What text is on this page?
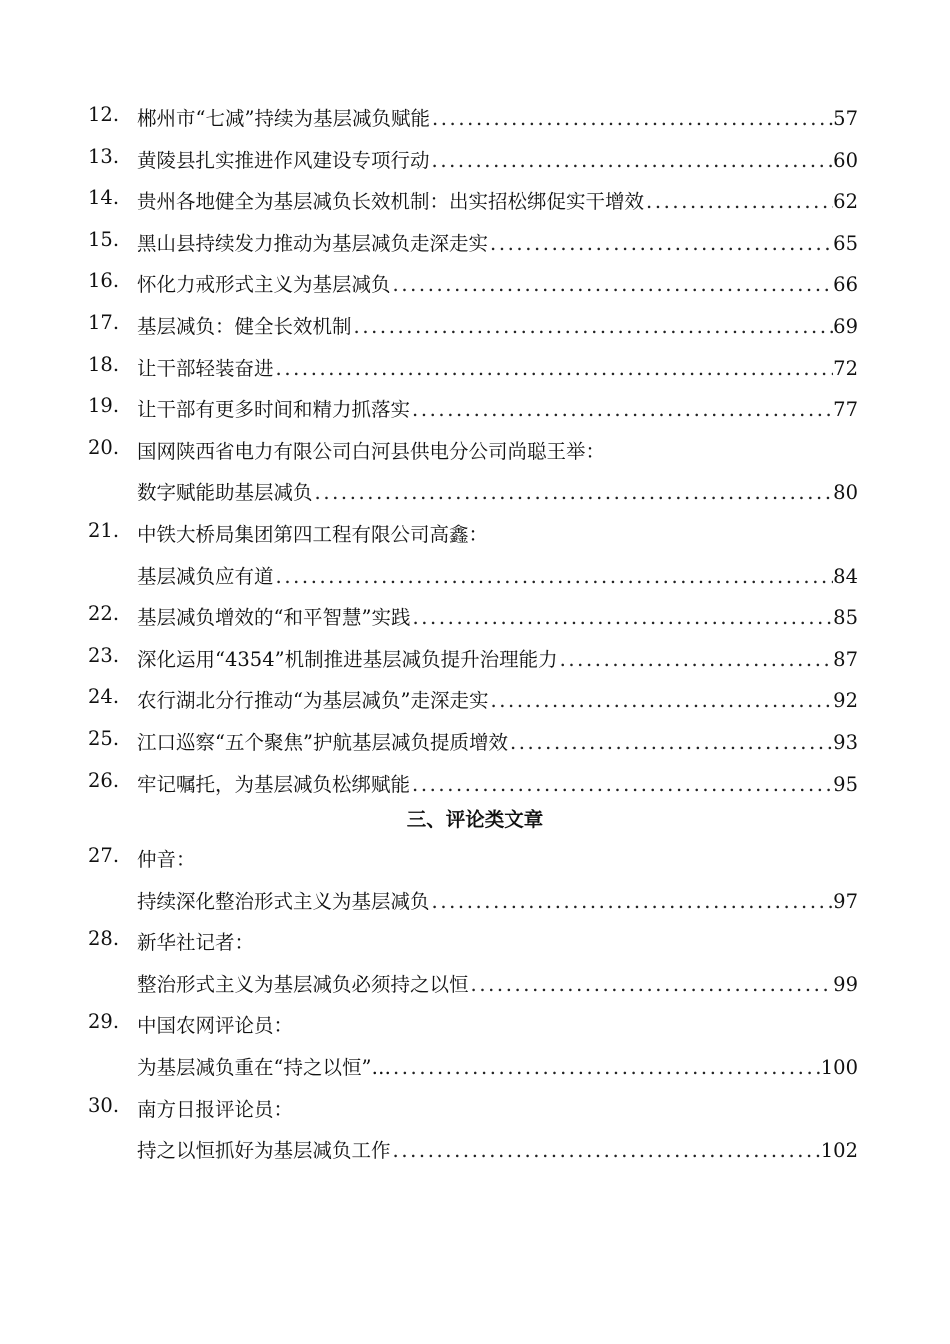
12. 郴州市“七减”持续为基层减负赋能 .....	57
13. 黄陵县扎实推进作风建设专项行动 .....	60
14. 贵州各地健全为基层减负长效机制：出实招松绑促实干增效 .....	62
15. 黑山县持续发力推动为基层减负走深走实 .....	65
16. 怀化力戒形式主义为基层减负 .....	66
17. 基层减负：健全长效机制 .....	69
18. 让干部轻装奋进 .....	72
19. 让干部有更多时间和精力抓落实 .....	77
20. 国网陕西省电力有限公司白河县供电分公司尚聪王举：
数字赋能助基层减负 .....	80
21. 中铁大桥局集团第四工程有限公司高鑫：
基层减负应有道 .....	84
22. 基层减负增效的“和平智慧”实践 .....	85
23. 深化运用“4354”机制推进基层减负提升治理能力 .....	87
24. 农行湖北分行推动“为基层减负”走深走实 .....	92
25. 江口巡察“五个聚焦”护航基层减负提质增效 .....	93
26. 牢记嘱托，为基层减负松绑赋能 .....	95
三、评论类文章
27. 仲音：
持续深化整治形式主义为基层减负 .....	97
28. 新华社记者：
整治形式主义为基层减负必须持之以恒 .....	99
29. 中国农网评论员：
为基层减负重在“持之以恒”… .....	100
30. 南方日报评论员：
持之以恒抓好为基层减负工作 .....	102
